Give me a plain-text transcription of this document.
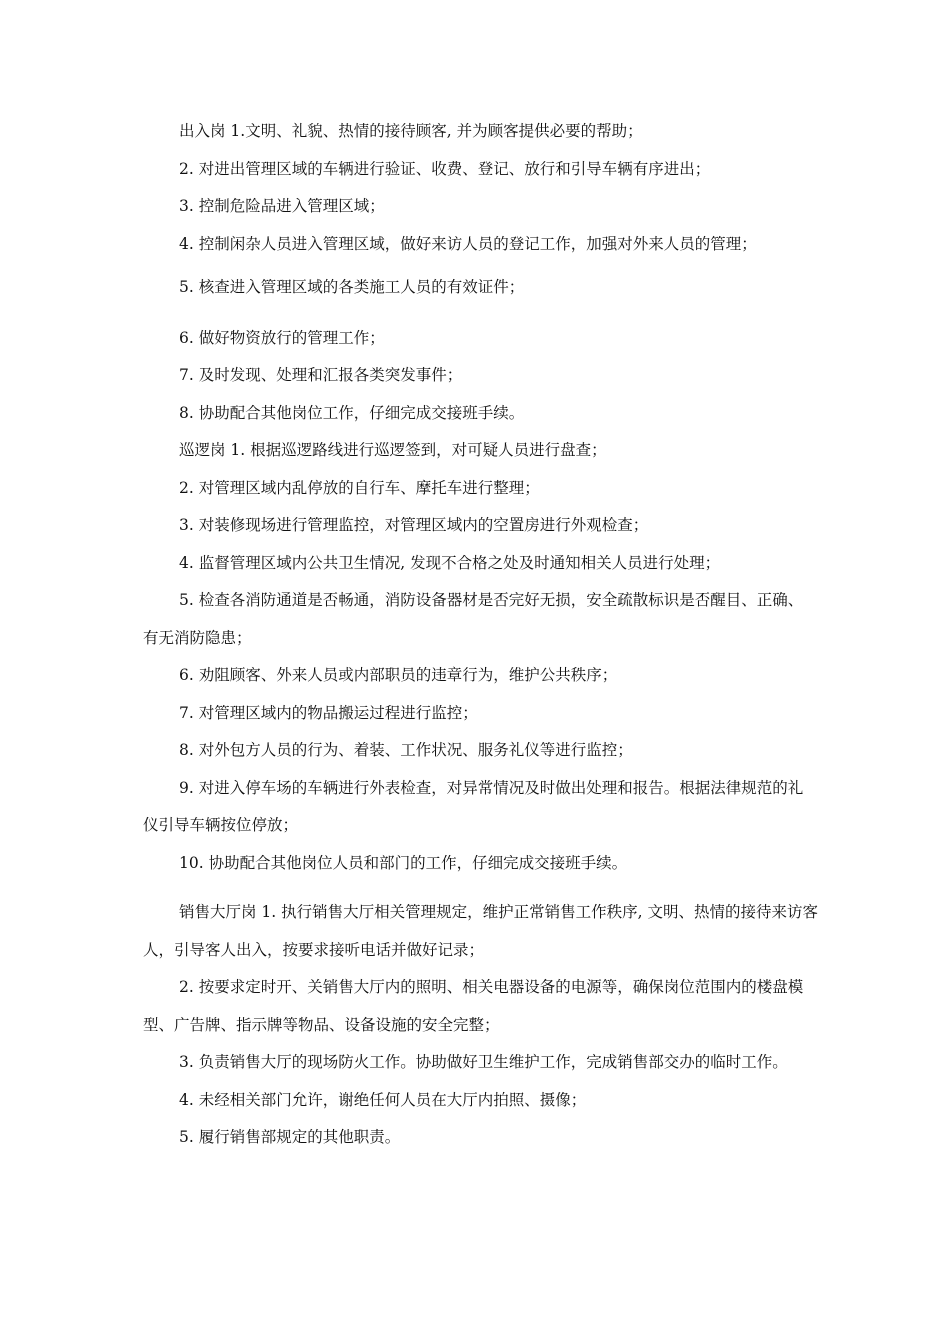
出入岗 1.文明、礼貌、热情的接待顾客, 并为顾客提供必要的帮助；

2. 对进出管理区域的车辆进行验证、收费、登记、放行和引导车辆有序进出；

3. 控制危险品进入管理区域；

4. 控制闲杂人员进入管理区域，做好来访人员的登记工作，加强对外来人员的管理；

5. 核查进入管理区域的各类施工人员的有效证件；

6. 做好物资放行的管理工作；

7. 及时发现、处理和汇报各类突发事件；

8. 协助配合其他岗位工作，仔细完成交接班手续。

巡逻岗 1. 根据巡逻路线进行巡逻签到，对可疑人员进行盘查；

2. 对管理区域内乱停放的自行车、摩托车进行整理；

3. 对装修现场进行管理监控，对管理区域内的空置房进行外观检查；

4. 监督管理区域内公共卫生情况, 发现不合格之处及时通知相关人员进行处理；

5. 检查各消防通道是否畅通，消防设备器材是否完好无损，安全疏散标识是否醒目、正确、有无消防隐患；

6. 劝阻顾客、外来人员或内部职员的违章行为，维护公共秩序；

7. 对管理区域内的物品搬运过程进行监控；

8. 对外包方人员的行为、着装、工作状况、服务礼仪等进行监控；

9. 对进入停车场的车辆进行外表检查，对异常情况及时做出处理和报告。根据法律规范的礼仪引导车辆按位停放；

10. 协助配合其他岗位人员和部门的工作，仔细完成交接班手续。

销售大厅岗 1. 执行销售大厅相关管理规定，维护正常销售工作秩序, 文明、热情的接待来访客人，引导客人出入，按要求接听电话并做好记录；

2. 按要求定时开、关销售大厅内的照明、相关电器设备的电源等，确保岗位范围内的楼盘模型、广告牌、指示牌等物品、设备设施的安全完整；

3. 负责销售大厅的现场防火工作。协助做好卫生维护工作，完成销售部交办的临时工作。

4. 未经相关部门允许，谢绝任何人员在大厅内拍照、摄像；

5. 履行销售部规定的其他职责。
